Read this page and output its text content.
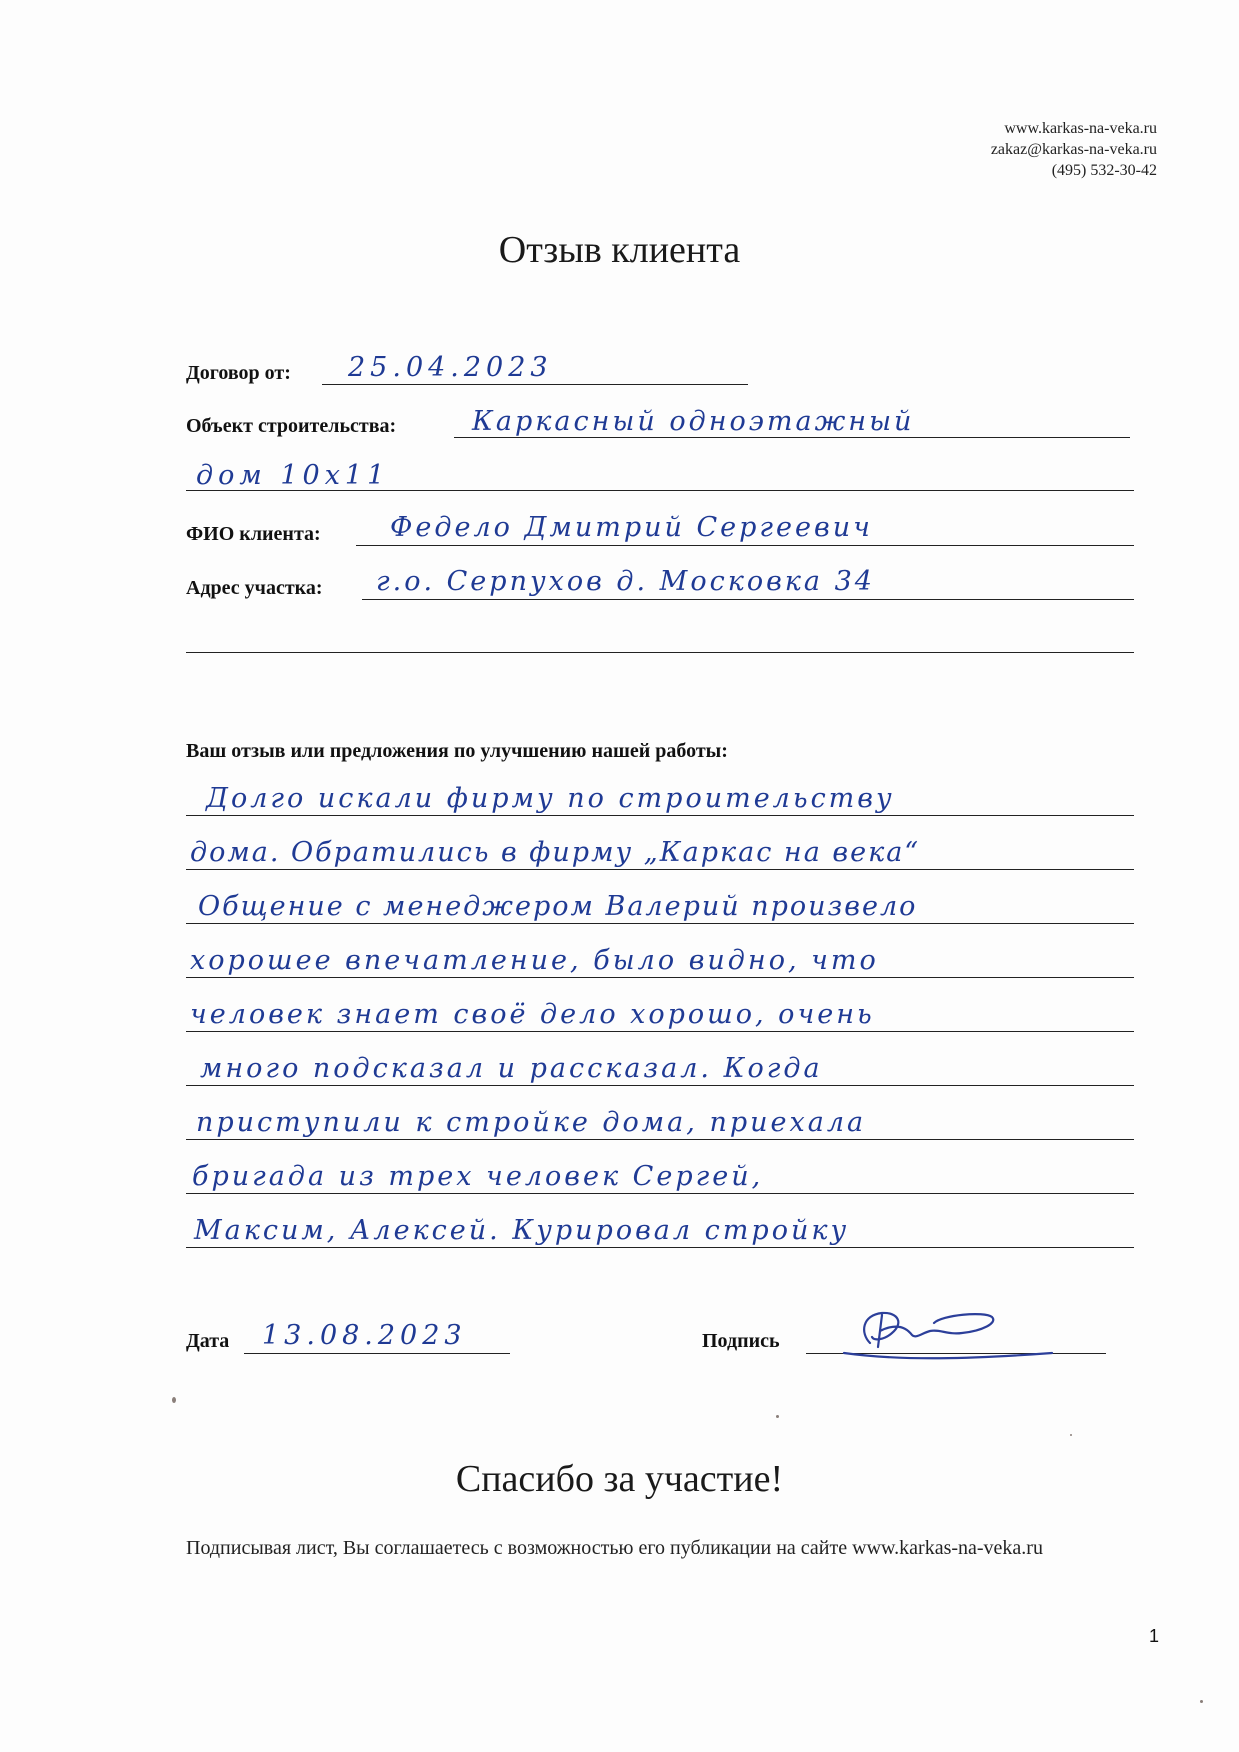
www.karkas-na-veka.ru
zakaz@karkas-na-veka.ru
(495) 532-30-42
Отзыв клиента
Договор от: 25.04.2023
Объект строительства:	Каркасный одноэтажный
дом 10х11
ФИО клиента:	Федело Дмитрий Сергеевич
Адрес участка: г.о. Серпухов д. Московка 34
Ваш отзыв или предложения по улучшению нашей работы:
Долго искали фирму по строительству
дома. Обратились в фирму „Каркас на века“
Общение с менеджером Валерий произвело
хорошее впечатление, было видно, что
человек знает своё дело хорошо, очень
много подсказал и рассказал. Когда
приступили к стройке дома, приехала
бригада из трех человек Сергей,
Максим, Алексей. Курировал стройку
Дата 13.08.2023	Подпись
Спасибо за участие!
Подписывая лист, Вы соглашаетесь с возможностью его публикации на сайте www.karkas-na-veka.ru
1
